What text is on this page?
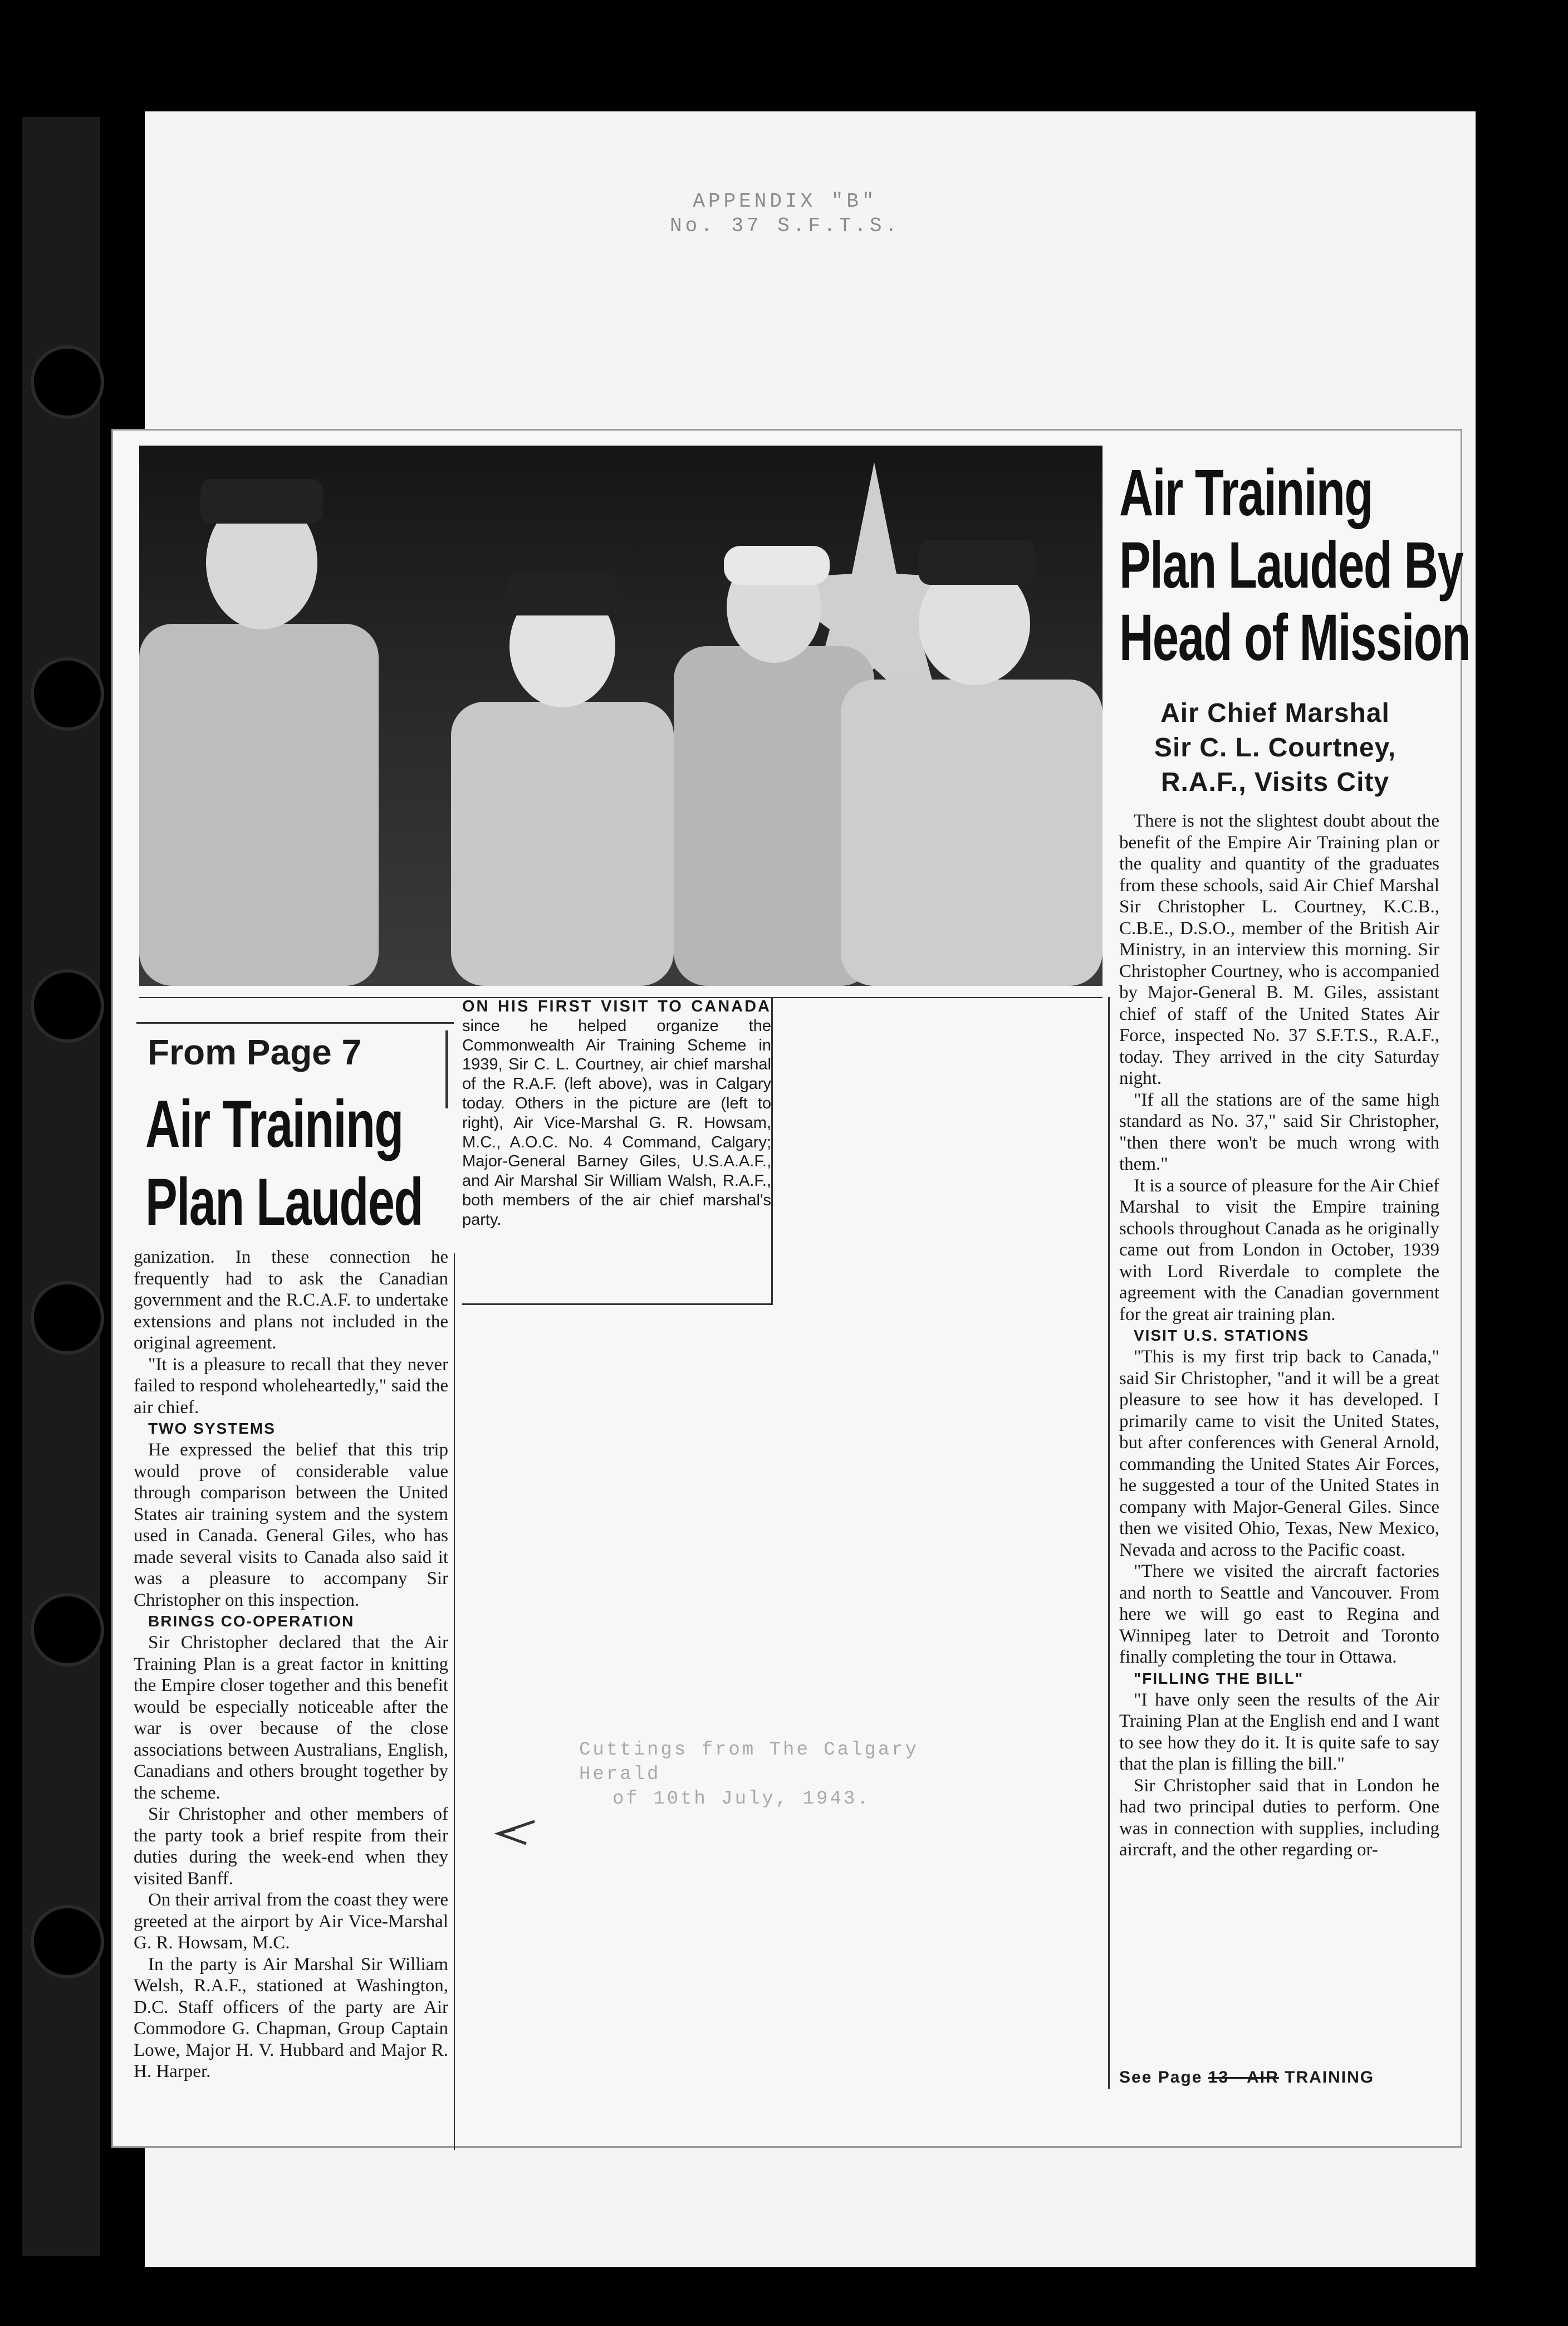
APPENDIX "B"
No. 37 S.F.T.S.
Air Training
Plan Lauded By
Head of Mission
Air Chief Marshal
Sir C. L. Courtney,
R.A.F., Visits City

There is not the slightest doubt about the benefit of the Empire Air Training plan or the quality and quantity of the graduates from these schools, said Air Chief Marshal Sir Christopher L. Courtney, K.C.B., C.B.E., D.S.O., member of the British Air Ministry, in an interview this morning. Sir Christopher Courtney, who is accompanied by Major-General B. M. Giles, assistant chief of staff of the United States Air Force, inspected No. 37 S.F.T.S., R.A.F., today. They arrived in the city Saturday night.

"If all the stations are of the same high standard as No. 37," said Sir Christopher, "then there won't be much wrong with them."

It is a source of pleasure for the Air Chief Marshal to visit the Empire training schools throughout Canada as he originally came out from London in October, 1939 with Lord Riverdale to complete the agreement with the Canadian government for the great air training plan.

VISIT U.S. STATIONS

"This is my first trip back to Canada," said Sir Christopher, "and it will be a great pleasure to see how it has developed. I primarily came to visit the United States, but after conferences with General Arnold, commanding the United States Air Forces, he suggested a tour of the United States in company with Major-General Giles. Since then we visited Ohio, Texas, New Mexico, Nevada and across to the Pacific coast.

"There we visited the aircraft factories and north to Seattle and Vancouver. From here we will go east to Regina and Winnipeg later to Detroit and Toronto finally completing the tour in Ottawa.

"FILLING THE BILL"

"I have only seen the results of the Air Training Plan at the English end and I want to see how they do it. It is quite safe to say that the plan is filling the bill."

Sir Christopher said that in London he had two principal duties to perform. One was in connection with supplies, including aircraft, and the other regarding or-

See Page 13—AIR TRAINING
ON HIS FIRST VISIT TO CANADA since he helped organize the Commonwealth Air Training Scheme in 1939, Sir C. L. Courtney, air chief marshal of the R.A.F. (left above), was in Calgary today. Others in the picture are (left to right), Air Vice-Marshal G. R. Howsam, M.C., A.O.C. No. 4 Command, Calgary; Major-General Barney Giles, U.S.A.A.F., and Air Marshal Sir William Walsh, R.A.F., both members of the air chief marshal's party.
From Page 7
Air Training
Plan Lauded

ganization. In these connection he frequently had to ask the Canadian government and the R.C.A.F. to undertake extensions and plans not included in the original agreement.

"It is a pleasure to recall that they never failed to respond wholeheartedly," said the air chief.

TWO SYSTEMS

He expressed the belief that this trip would prove of considerable value through comparison between the United States air training system and the system used in Canada. General Giles, who has made several visits to Canada also said it was a pleasure to accompany Sir Christopher on this inspection.

BRINGS CO-OPERATION

Sir Christopher declared that the Air Training Plan is a great factor in knitting the Empire closer together and this benefit would be especially noticeable after the war is over because of the close associations between Australians, English, Canadians and others brought together by the scheme.

Sir Christopher and other members of the party took a brief respite from their duties during the week-end when they visited Banff.

On their arrival from the coast they were greeted at the airport by Air Vice-Marshal G. R. Howsam, M.C.

In the party is Air Marshal Sir William Welsh, R.A.F., stationed at Washington, D.C. Staff officers of the party are Air Commodore G. Chapman, Group Captain Lowe, Major H. V. Hubbard and Major R. H. Harper.

Cuttings from The Calgary Herald
of 10th July, 1943.
